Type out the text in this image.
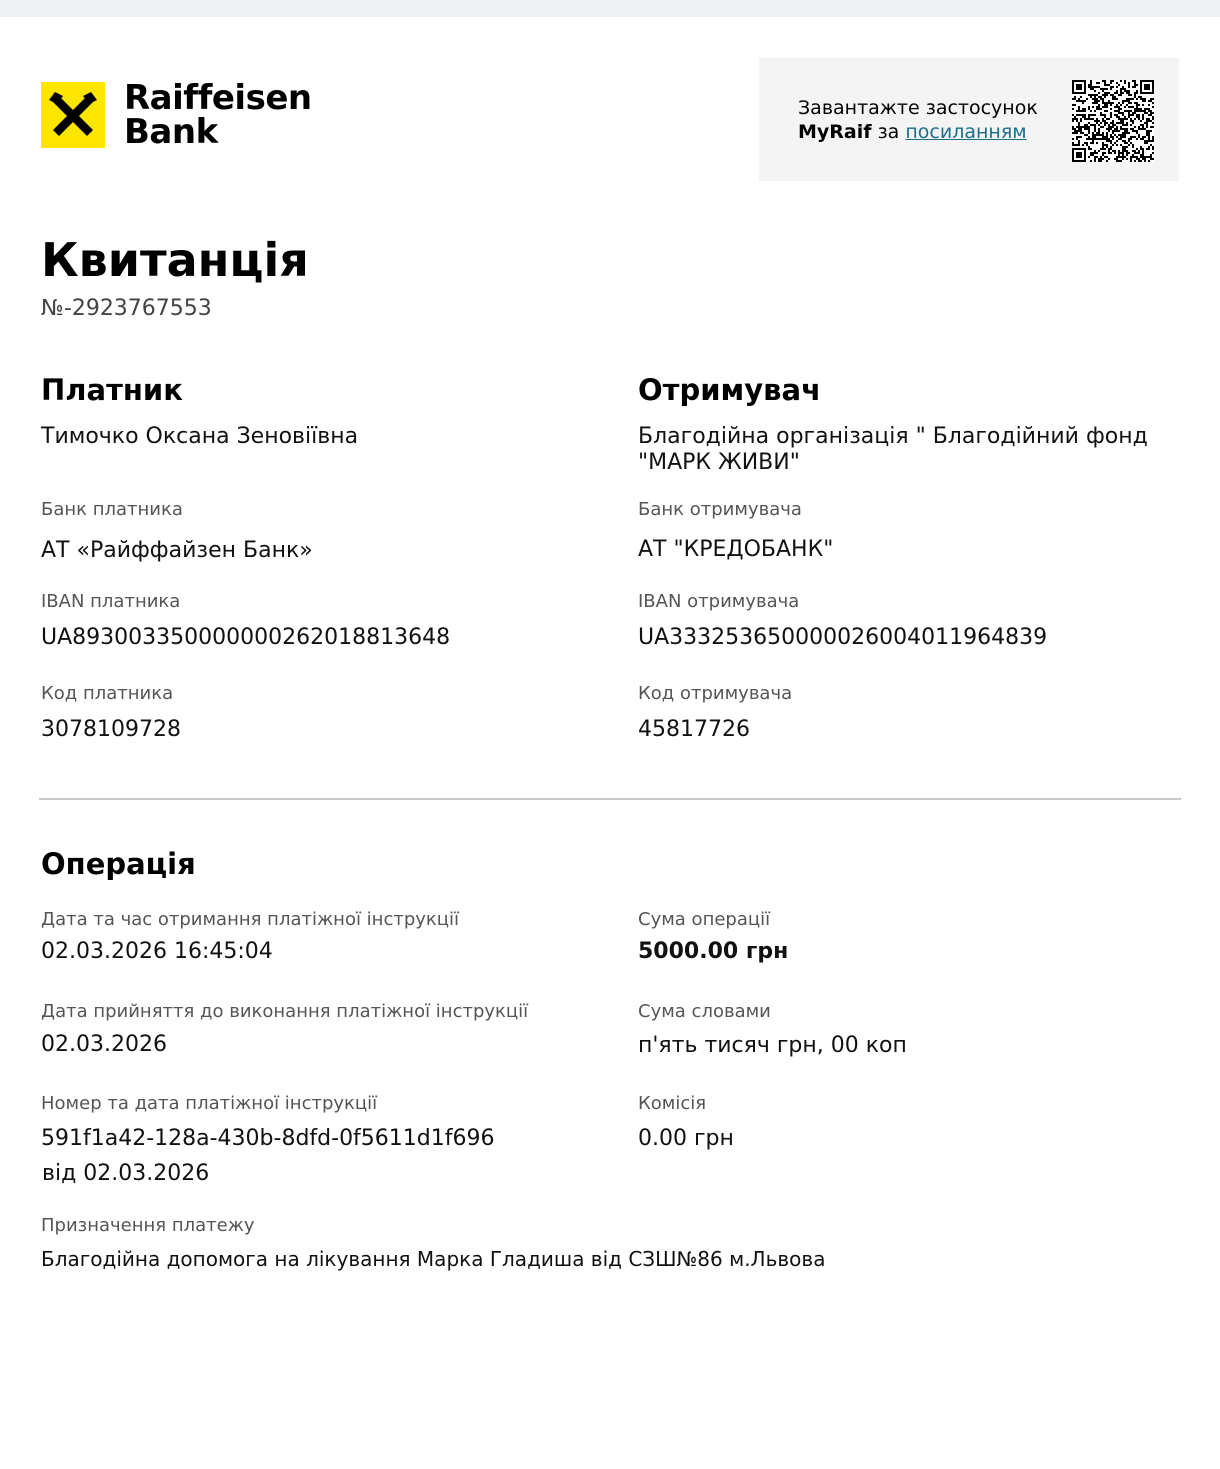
Raiffeisen
Bank
Завантажте застосунок
MyRaif за посиланням
Квитанція
№-2923767553
Платник
Тимочко Оксана Зеновіївна
Банк платника
АТ «Райффайзен Банк»
IBAN платника
UA893003350000000262018813648
Код платника
3078109728
Отримувач
Благодійна організація " Благодійний фонд
"МАРК ЖИВИ"
Банк отримувача
АТ "КРЕДОБАНК"
IBAN отримувача
UA333253650000026004011964839
Код отримувача
45817726
Операція
Дата та час отримання платіжної інструкції
02.03.2026 16:45:04
Дата прийняття до виконання платіжної інструкції
02.03.2026
Номер та дата платіжної інструкції
591f1a42-128a-430b-8dfd-0f5611d1f696
від 02.03.2026
Сума операції
5000.00 грн
Сума словами
п'ять тисяч грн, 00 коп
Комісія
0.00 грн
Призначення платежу
Благодійна допомога на лікування Марка Гладиша від СЗШ№86 м.Львова
